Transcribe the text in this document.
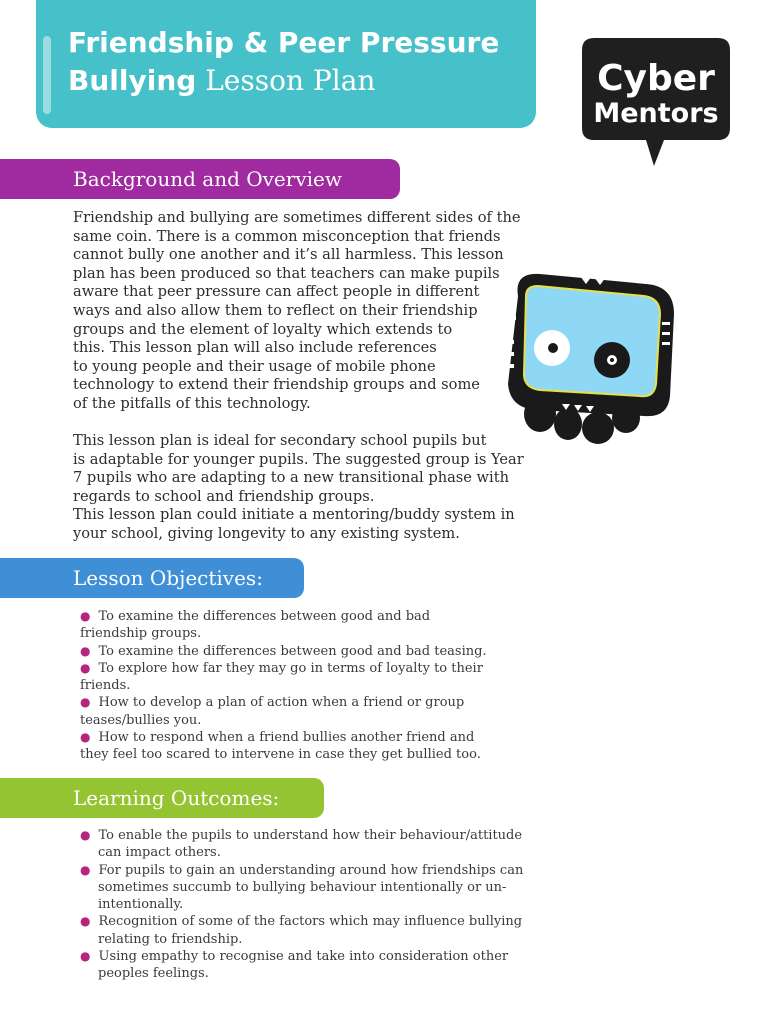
Friendship & Peer Pressure
Bullying Lesson Plan	Cyber
Mentors
Background and Overview

Friendship and bullying are sometimes different sides of the
same coin. There is a common misconception that friends
cannot bully one another and it’s all harmless. This lesson
plan has been produced so that teachers can make pupils
aware that peer pressure can affect people in different
ways and also allow them to reflect on their friendship
groups and the element of loyalty which extends to
this. This lesson plan will also include references
to young people and their usage of mobile phone
technology to extend their friendship groups and some
of the pitfalls of this technology.

This lesson plan is ideal for secondary school pupils but
is adaptable for younger pupils. The suggested group is Year
7 pupils who are adapting to a new transitional phase with
regards to school and friendship groups.
This lesson plan could initiate a mentoring/buddy system in
your school, giving longevity to any existing system.

Lesson Objectives:
● To examine the differences between good and bad
friendship groups.
● To examine the differences between good and bad teasing.
● To explore how far they may go in terms of loyalty to their
friends.
● How to develop a plan of action when a friend or group
teases/bullies you.
● How to respond when a friend bullies another friend and
they feel too scared to intervene in case they get bullied too.
Learning Outcomes:
● To enable the pupils to understand how their behaviour/attitude
can impact others.
● For pupils to gain an understanding around how friendships can
sometimes succumb to bullying behaviour intentionally or un-
intentionally.
● Recognition of some of the factors which may influence bullying
relating to friendship.
● Using empathy to recognise and take into consideration other
peoples feelings.
